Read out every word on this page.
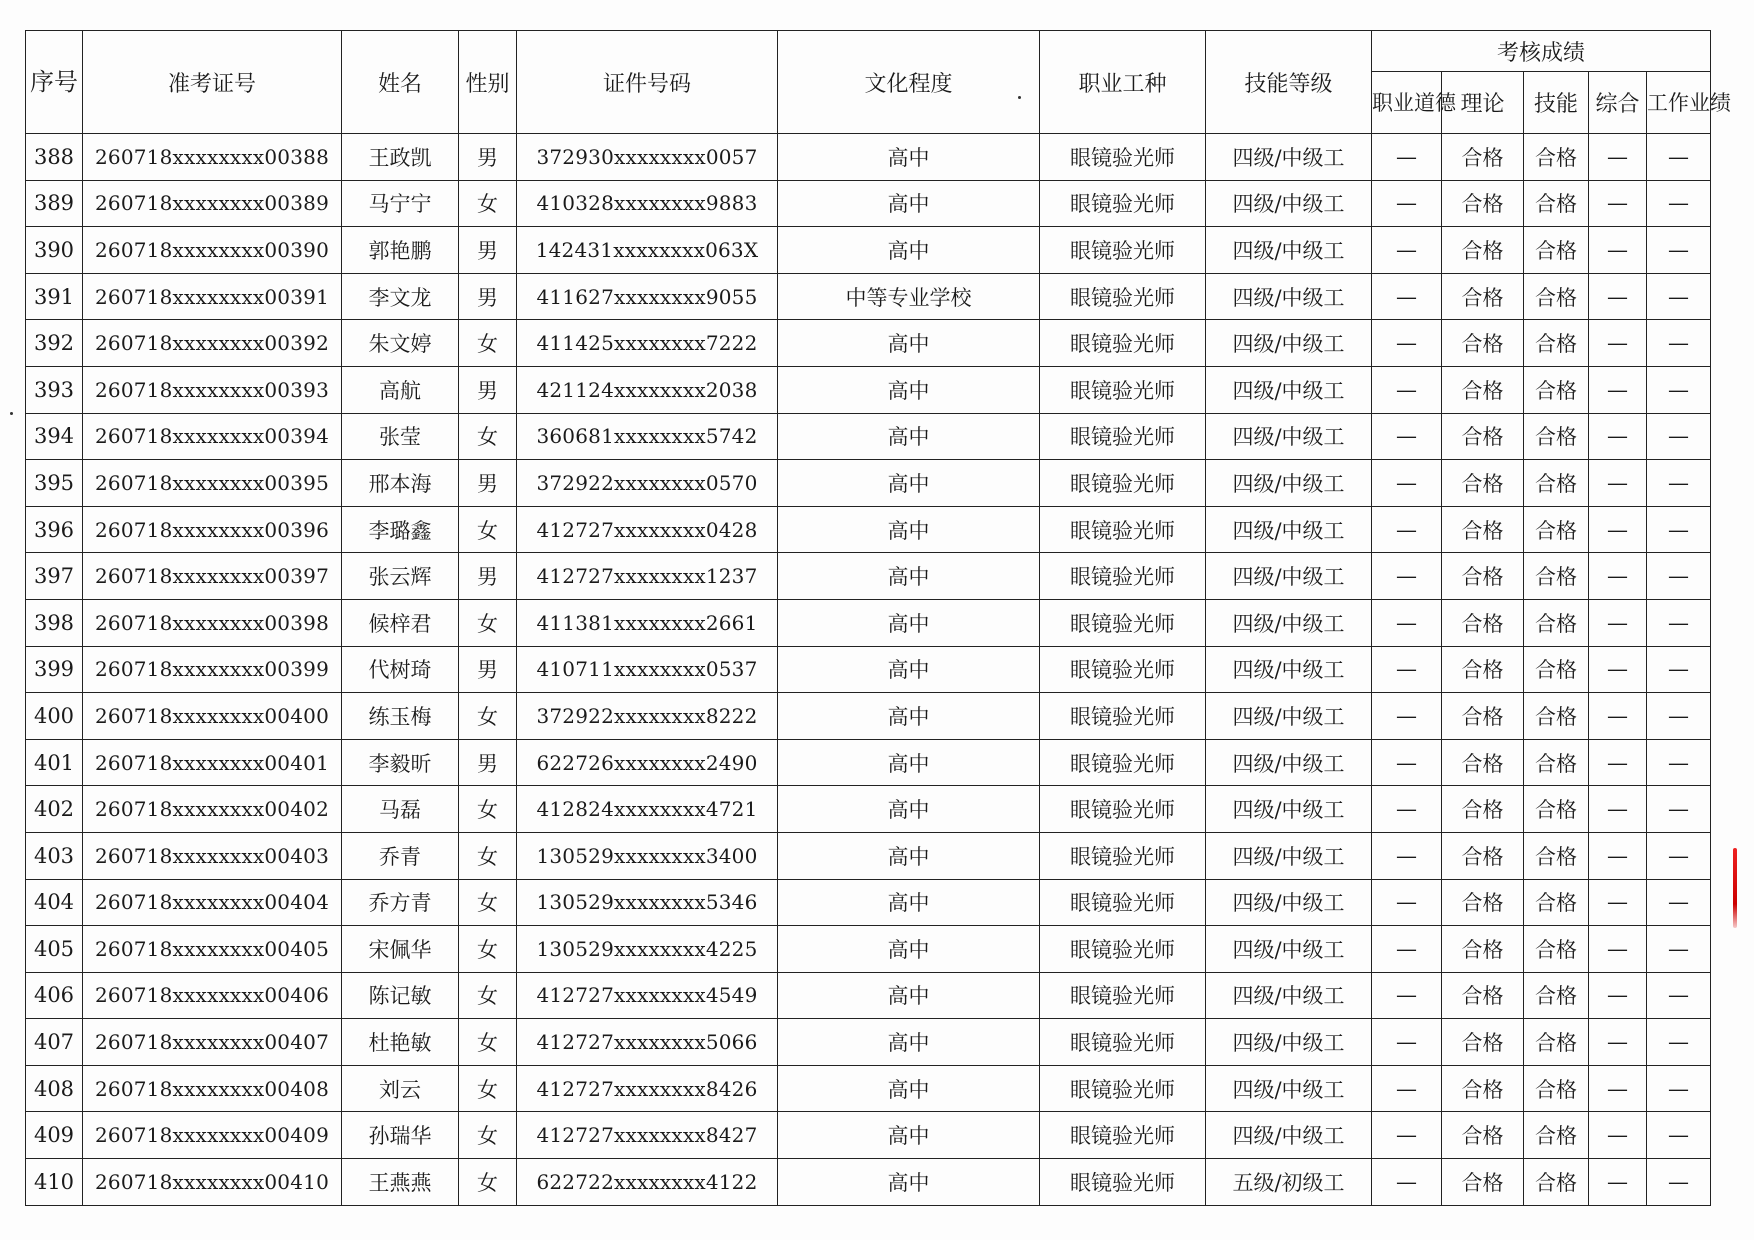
序号	准考证号	姓名	性别	证件号码	文化程度	职业工种	技能等级	考核成绩				
								职业道德	理论	技能	综合	工作业绩
388	260718xxxxxxxx00388	王政凯	男	372930xxxxxxxx0057	高中	眼镜验光师	四级/中级工	—	合格	合格	—	—
389	260718xxxxxxxx00389	马宁宁	女	410328xxxxxxxx9883	高中	眼镜验光师	四级/中级工	—	合格	合格	—	—
390	260718xxxxxxxx00390	郭艳鹏	男	142431xxxxxxxx063X	高中	眼镜验光师	四级/中级工	—	合格	合格	—	—
391	260718xxxxxxxx00391	李文龙	男	411627xxxxxxxx9055	中等专业学校	眼镜验光师	四级/中级工	—	合格	合格	—	—
392	260718xxxxxxxx00392	朱文婷	女	411425xxxxxxxx7222	高中	眼镜验光师	四级/中级工	—	合格	合格	—	—
393	260718xxxxxxxx00393	高航	男	421124xxxxxxxx2038	高中	眼镜验光师	四级/中级工	—	合格	合格	—	—
394	260718xxxxxxxx00394	张莹	女	360681xxxxxxxx5742	高中	眼镜验光师	四级/中级工	—	合格	合格	—	—
395	260718xxxxxxxx00395	邢本海	男	372922xxxxxxxx0570	高中	眼镜验光师	四级/中级工	—	合格	合格	—	—
396	260718xxxxxxxx00396	李璐鑫	女	412727xxxxxxxx0428	高中	眼镜验光师	四级/中级工	—	合格	合格	—	—
397	260718xxxxxxxx00397	张云辉	男	412727xxxxxxxx1237	高中	眼镜验光师	四级/中级工	—	合格	合格	—	—
398	260718xxxxxxxx00398	候梓君	女	411381xxxxxxxx2661	高中	眼镜验光师	四级/中级工	—	合格	合格	—	—
399	260718xxxxxxxx00399	代树琦	男	410711xxxxxxxx0537	高中	眼镜验光师	四级/中级工	—	合格	合格	—	—
400	260718xxxxxxxx00400	练玉梅	女	372922xxxxxxxx8222	高中	眼镜验光师	四级/中级工	—	合格	合格	—	—
401	260718xxxxxxxx00401	李毅昕	男	622726xxxxxxxx2490	高中	眼镜验光师	四级/中级工	—	合格	合格	—	—
402	260718xxxxxxxx00402	马磊	女	412824xxxxxxxx4721	高中	眼镜验光师	四级/中级工	—	合格	合格	—	—
403	260718xxxxxxxx00403	乔青	女	130529xxxxxxxx3400	高中	眼镜验光师	四级/中级工	—	合格	合格	—	—
404	260718xxxxxxxx00404	乔方青	女	130529xxxxxxxx5346	高中	眼镜验光师	四级/中级工	—	合格	合格	—	—
405	260718xxxxxxxx00405	宋佩华	女	130529xxxxxxxx4225	高中	眼镜验光师	四级/中级工	—	合格	合格	—	—
406	260718xxxxxxxx00406	陈记敏	女	412727xxxxxxxx4549	高中	眼镜验光师	四级/中级工	—	合格	合格	—	—
407	260718xxxxxxxx00407	杜艳敏	女	412727xxxxxxxx5066	高中	眼镜验光师	四级/中级工	—	合格	合格	—	—
408	260718xxxxxxxx00408	刘云	女	412727xxxxxxxx8426	高中	眼镜验光师	四级/中级工	—	合格	合格	—	—
409	260718xxxxxxxx00409	孙瑞华	女	412727xxxxxxxx8427	高中	眼镜验光师	四级/中级工	—	合格	合格	—	—
410	260718xxxxxxxx00410	王燕燕	女	622722xxxxxxxx4122	高中	眼镜验光师	五级/初级工	—	合格	合格	—	—
